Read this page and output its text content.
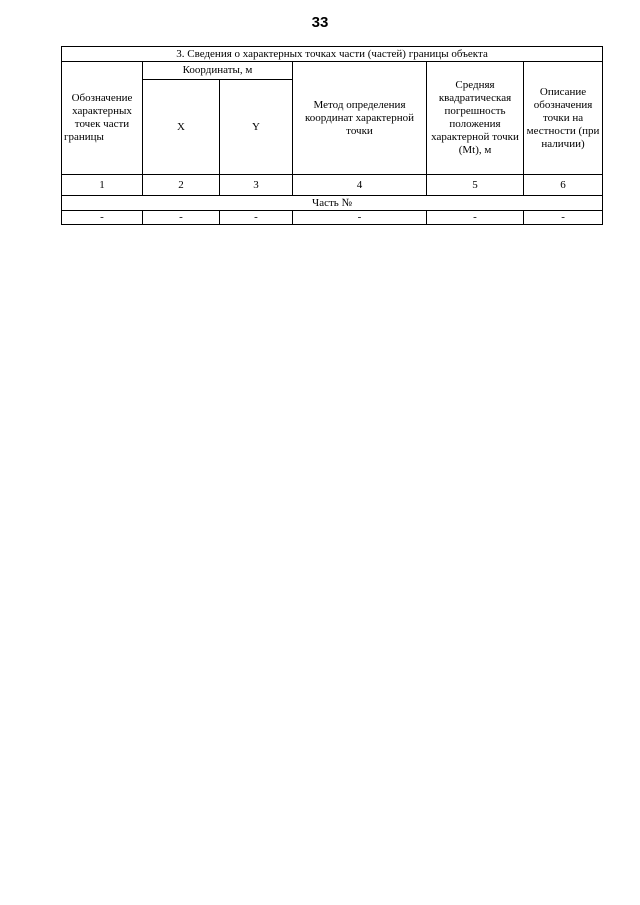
33
3. Сведения о характерных точках части (частей) границы объекта					
Обозначение характерных точек части границы	Координаты, м		Метод определения координат характерной точки	Средняя квадратическая погрешность положения характерной точки (Mt), м	Описание обозначения точки на местности (при наличии)
	X	Y			
1	2	3	4	5	6
Часть №					
-	-	-	-	-	-
